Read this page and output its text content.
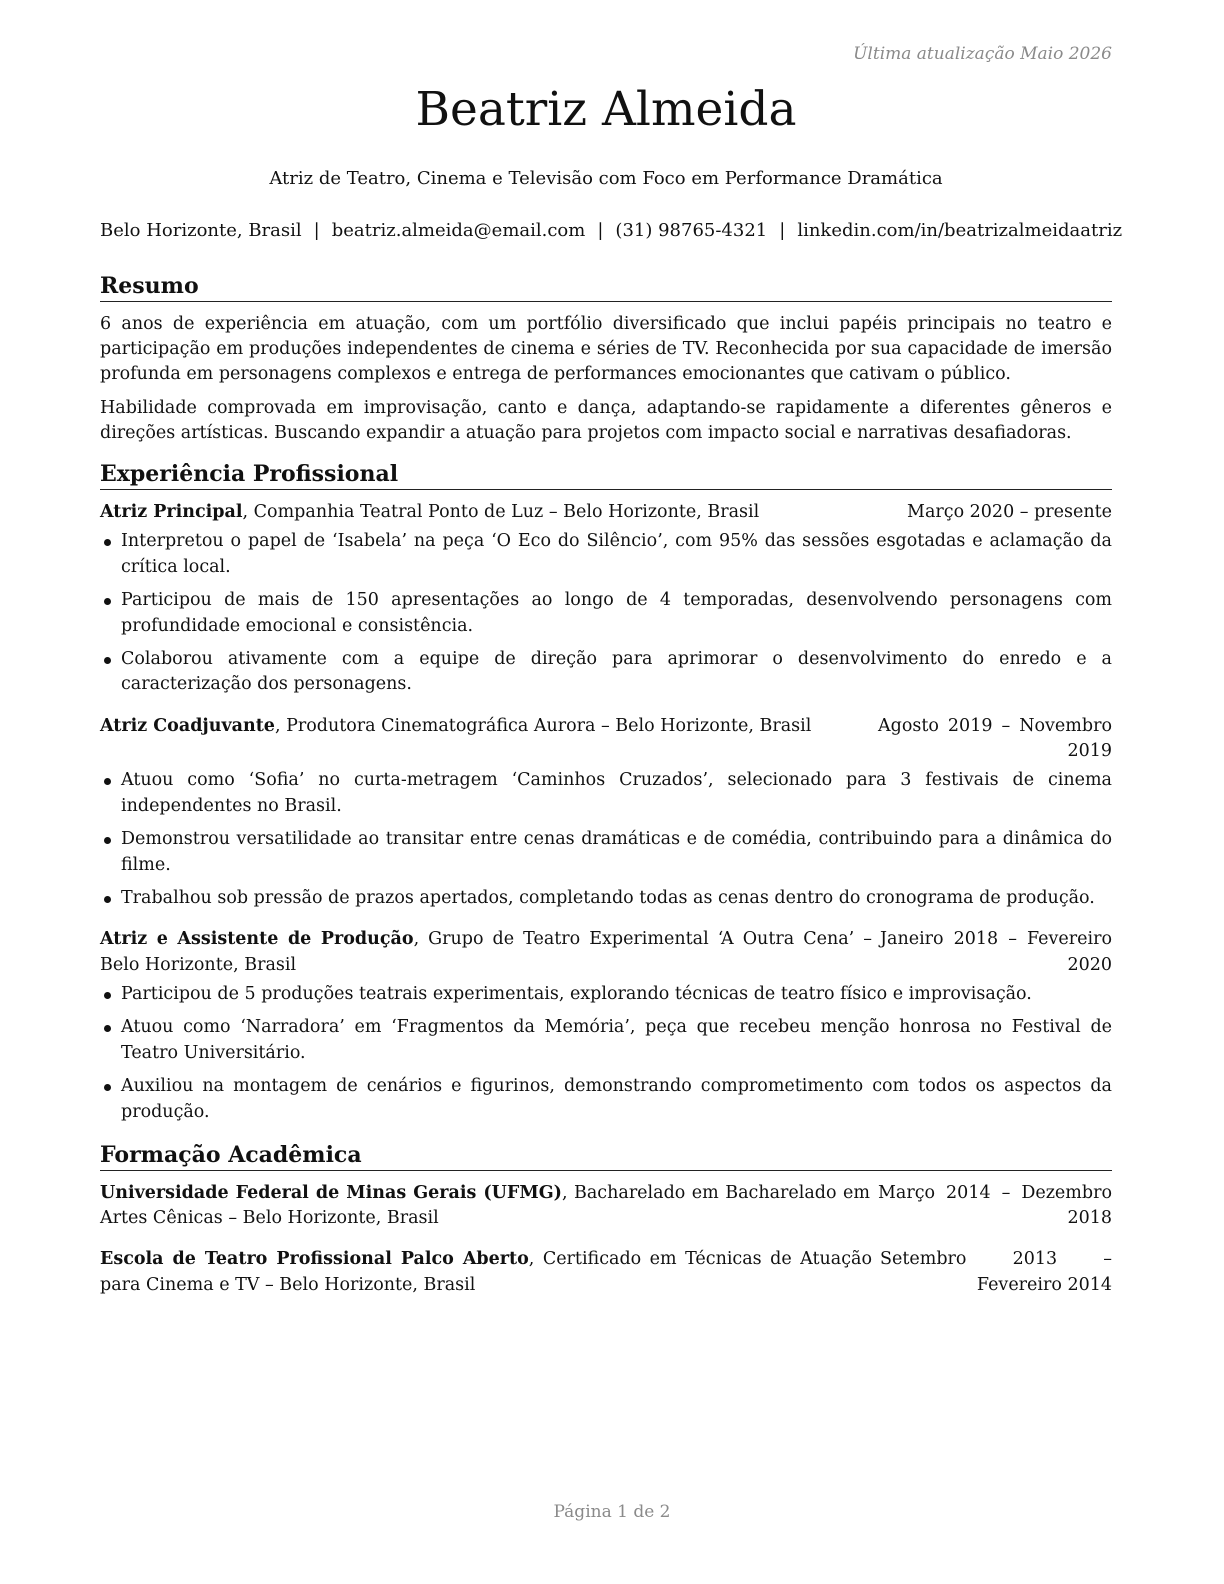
Última atualização Maio 2026

Beatriz Almeida

Atriz de Teatro, Cinema e Televisão com Foco em Performance Dramática

Belo Horizonte, Brasil | beatriz.almeida@email.com | (31) 98765-4321 | linkedin.com/in/beatrizalmeidaatriz

Resumo

6 anos de experiência em atuação, com um portfólio diversificado que inclui papéis principais no teatro e participação em produções independentes de cinema e séries de TV. Reconhecida por sua capacidade de imersão profunda em personagens complexos e entrega de performances emocionantes que cativam o público.

Habilidade comprovada em improvisação, canto e dança, adaptando-se rapidamente a diferentes gêneros e direções artísticas. Buscando expandir a atuação para projetos com impacto social e narrativas desafiadoras.

Experiência Profissional
Atriz Principal, Companhia Teatral Ponto de Luz – Belo Horizonte, Brasil	Março 2020 – presente
Interpretou o papel de ‘Isabela’ na peça ‘O Eco do Silêncio’, com 95% das sessões esgotadas e aclamação da crítica local.
Participou de mais de 150 apresentações ao longo de 4 temporadas, desenvolvendo personagens com profundidade emocional e consistência.
Colaborou ativamente com a equipe de direção para aprimorar o desenvolvimento do enredo e a caracterização dos personagens.
Atriz Coadjuvante, Produtora Cinematográfica Aurora – Belo Horizonte, Brasil	Agosto 2019 – Novembro 2019
Atuou como ‘Sofia’ no curta-metragem ‘Caminhos Cruzados’, selecionado para 3 festivais de cinema independentes no Brasil.
Demonstrou versatilidade ao transitar entre cenas dramáticas e de comédia, contribuindo para a dinâmica do filme.
Trabalhou sob pressão de prazos apertados, completando todas as cenas dentro do cronograma de produção.
Atriz e Assistente de Produção, Grupo de Teatro Experimental ‘A Outra Cena’ – Belo Horizonte, Brasil
Janeiro 2018 – Fevereiro 2020
Participou de 5 produções teatrais experimentais, explorando técnicas de teatro físico e improvisação.
Atuou como ‘Narradora’ em ‘Fragmentos da Memória’, peça que recebeu menção honrosa no Festival de Teatro Universitário.
Auxiliou na montagem de cenários e figurinos, demonstrando comprometimento com todos os aspectos da produção.
Formação Acadêmica
Universidade Federal de Minas Gerais (UFMG), Bacharelado em Bacharelado em Artes Cênicas – Belo Horizonte, Brasil
Março 2014 – Dezembro 2018
Escola de Teatro Profissional Palco Aberto, Certificado em Técnicas de Atuação para Cinema e TV – Belo Horizonte, Brasil
Setembro 2013 – Fevereiro 2014

Página 1 de 2
